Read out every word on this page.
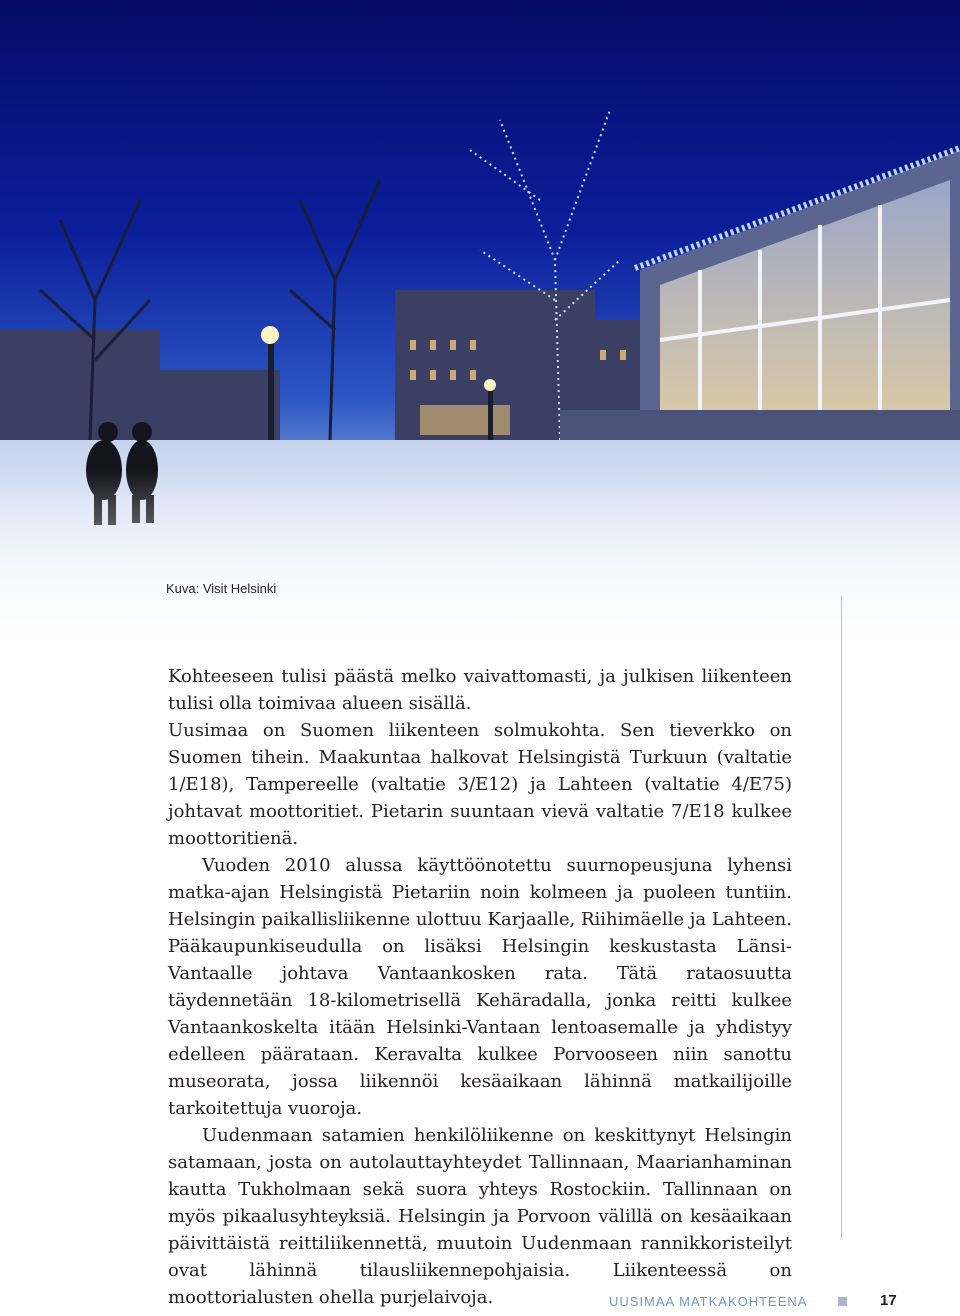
Kuva: Visit Helsinki

Kohteeseen tulisi päästä melko vaivattomasti, ja julkisen liikenteen tulisi olla toimivaa alueen sisällä.

Uusimaa on Suomen liikenteen solmukohta. Sen tieverkko on Suomen tihein. Maakuntaa halkovat Helsingistä Turkuun (valtatie 1/E18), Tampereelle (valtatie 3/E12) ja Lahteen (valtatie 4/E75) johtavat moottoritiet. Pietarin suuntaan vievä valtatie 7/E18 kulkee moottoritienä.

Vuoden 2010 alussa käyttöönotettu suurnopeusjuna lyhensi matka-ajan Helsingistä Pietariin noin kolmeen ja puoleen tuntiin. Helsingin paikallisliikenne ulottuu Karjaalle, Riihimäelle ja Lahteen. Pääkaupunkiseudulla on lisäksi Helsingin keskustasta Länsi-Vantaalle johtava Vantaankosken rata. Tätä rataosuutta täydennetään 18-kilometrisellä Kehäradalla, jonka reitti kulkee Vantaankoskelta itään Helsinki-Vantaan lentoasemalle ja yhdistyy edelleen päärataan. Keravalta kulkee Porvooseen niin sanottu museorata, jossa liikennöi kesäaikaan lähinnä matkailijoille tarkoitettuja vuoroja.

Uudenmaan satamien henkilöliikenne on keskittynyt Helsingin satamaan, josta on autolauttayhteydet Tallinnaan, Maarianhaminan kautta Tukholmaan sekä suora yhteys Rostockiin. Tallinnaan on myös pikaalusyhteyksiä. Helsingin ja Porvoon välillä on kesäaikaan päivittäistä reittiliikennettä, muutoin Uudenmaan rannikkoristeilyt ovat lähinnä tilausliikennepohjaisia. Liikenteessä on moottorialusten ohella purjelaivoja.	UUSIMAA MATKAKOHTEENA	17
